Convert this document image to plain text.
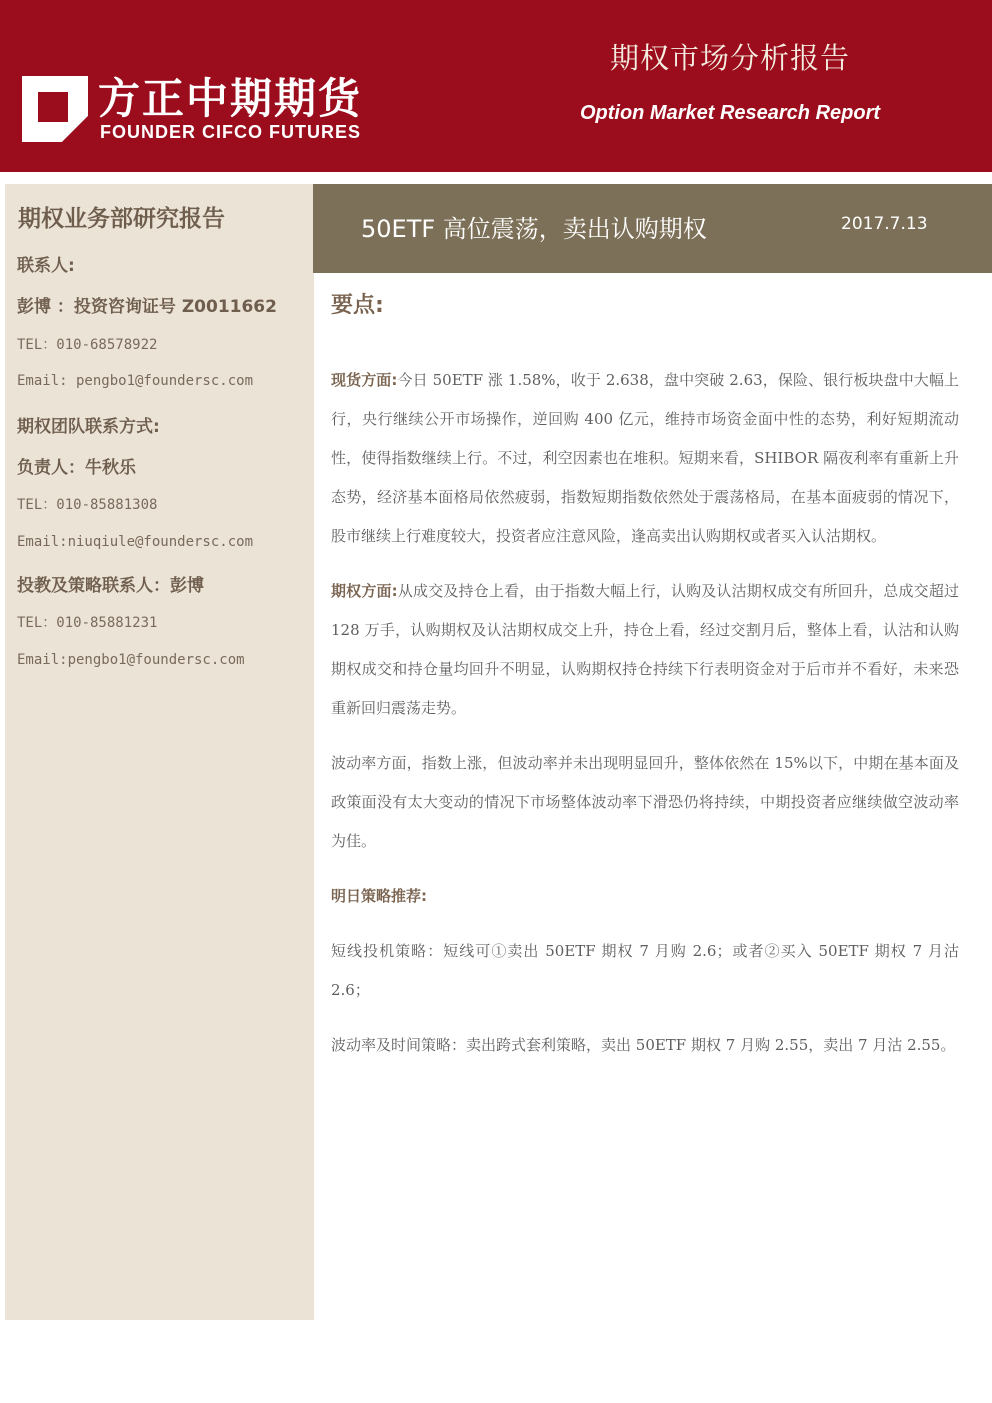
方正中期期货
FOUNDER CIFCO FUTURES
期权市场分析报告
Option Market Research Report
期权业务部研究报告
联系人:
彭博 ：投资咨询证号 Z0011662
TEL：010-68578922
Email: pengbo1@foundersc.com
期权团队联系方式:
负责人：牛秋乐
TEL：010-85881308
Email:niuqiule@foundersc.com
投教及策略联系人：彭博
TEL：010-85881231
Email:pengbo1@foundersc.com
50ETF 高位震荡，卖出认购期权	2017.7.13
要点:

现货方面:今日 50ETF 涨 1.58%，收于 2.638，盘中突破 2.63，保险、银行板块盘中大幅上行，央行继续公开市场操作，逆回购 400 亿元，维持市场资金面中性的态势，利好短期流动性，使得指数继续上行。不过，利空因素也在堆积。短期来看，SHIBOR 隔夜利率有重新上升态势，经济基本面格局依然疲弱，指数短期指数依然处于震荡格局，在基本面疲弱的情况下，股市继续上行难度较大，投资者应注意风险，逢高卖出认购期权或者买入认沽期权。

期权方面:从成交及持仓上看，由于指数大幅上行，认购及认沽期权成交有所回升，总成交超过 128 万手，认购期权及认沽期权成交上升，持仓上看，经过交割月后，整体上看，认沽和认购期权成交和持仓量均回升不明显，认购期权持仓持续下行表明资金对于后市并不看好，未来恐重新回归震荡走势。

波动率方面，指数上涨，但波动率并未出现明显回升，整体依然在 15%以下，中期在基本面及政策面没有太大变动的情况下市场整体波动率下滑恐仍将持续，中期投资者应继续做空波动率为佳。

明日策略推荐:

短线投机策略：短线可①卖出 50ETF 期权 7 月购 2.6；或者②买入 50ETF 期权 7 月沽 2.6；

波动率及时间策略：卖出跨式套利策略，卖出 50ETF 期权 7 月购 2.55，卖出 7 月沽 2.55。
